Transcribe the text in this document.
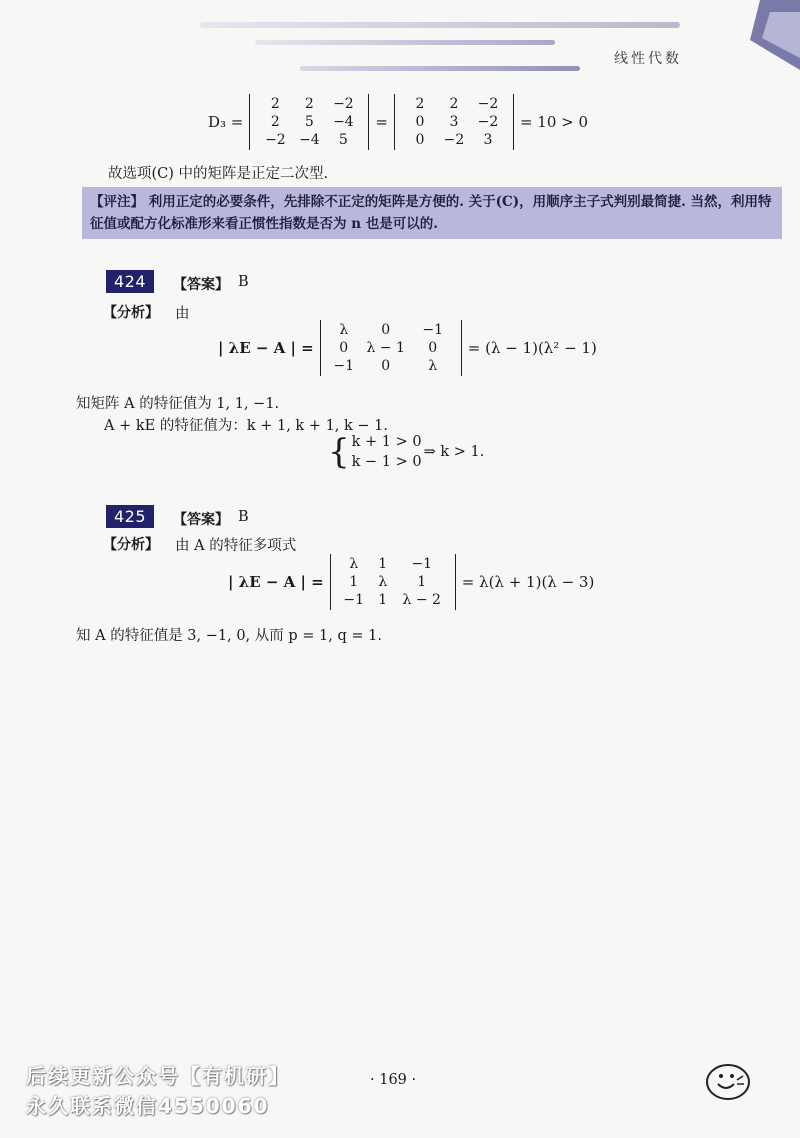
线性代数
D₃ =
2	2	−2
2	5	−4
−2 −4	5
=
2	2	−2
0	3	−2
0	−2	3
= 10 > 0
故选项(C) 中的矩阵是正定二次型.
【评注】 利用正定的必要条件，先排除不正定的矩阵是方便的. 关于(C)，用顺序主子式判别最简捷. 当然，利用特征值或配方化标准形来看正惯性指数是否为 n 也是可以的.
424	【答案】 B
【分析】 由
| λE − A | =
λ	0	−1
0	λ − 1	0
−1	0	λ
= (λ − 1)(λ² − 1)
知矩阵 A 的特征值为 1, 1, −1.
A + kE 的特征值为：k + 1, k + 1, k − 1.
{ k + 1 > 0
k − 1 > 0
⇒ k > 1.
425	【答案】 B
【分析】 由 A 的特征多项式
| λE − A | =
λ	1	−1
1	λ	1
−1	1	λ − 2
= λ(λ + 1)(λ − 3)
知 A 的特征值是 3, −1, 0, 从而 p = 1, q = 1.
· 169 ·
后续更新公众号【有机研】
永久联系微信4550060
